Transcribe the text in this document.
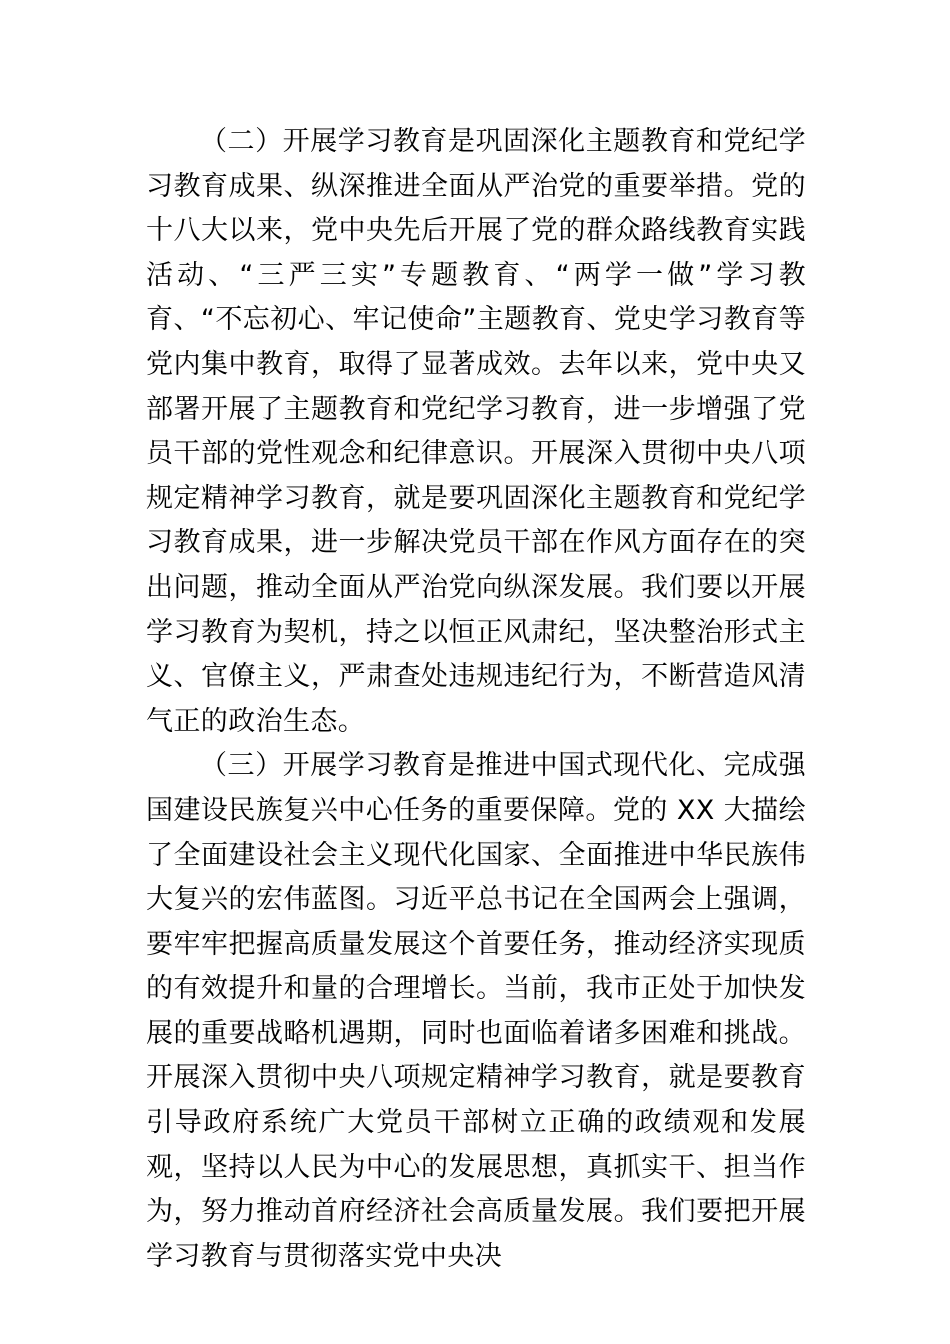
（二）开展学习教育是巩固深化主题教育和党纪学习教育成果、纵深推进全面从严治党的重要举措。党的十八大以来，党中央先后开展了党的群众路线教育实践活动、“三严三实”专题教育、“两学一做”学习教育、“不忘初心、牢记使命”主题教育、党史学习教育等党内集中教育，取得了显著成效。去年以来，党中央又部署开展了主题教育和党纪学习教育，进一步增强了党员干部的党性观念和纪律意识。开展深入贯彻中央八项规定精神学习教育，就是要巩固深化主题教育和党纪学习教育成果，进一步解决党员干部在作风方面存在的突出问题，推动全面从严治党向纵深发展。我们要以开展学习教育为契机，持之以恒正风肃纪，坚决整治形式主义、官僚主义，严肃查处违规违纪行为，不断营造风清气正的政治生态。

（三）开展学习教育是推进中国式现代化、完成强国建设民族复兴中心任务的重要保障。党的 XX 大描绘了全面建设社会主义现代化国家、全面推进中华民族伟大复兴的宏伟蓝图。习近平总书记在全国两会上强调，要牢牢把握高质量发展这个首要任务，推动经济实现质的有效提升和量的合理增长。当前，我市正处于加快发展的重要战略机遇期，同时也面临着诸多困难和挑战。开展深入贯彻中央八项规定精神学习教育，就是要教育引导政府系统广大党员干部树立正确的政绩观和发展观，坚持以人民为中心的发展思想，真抓实干、担当作为，努力推动首府经济社会高质量发展。我们要把开展学习教育与贯彻落实党中央决
